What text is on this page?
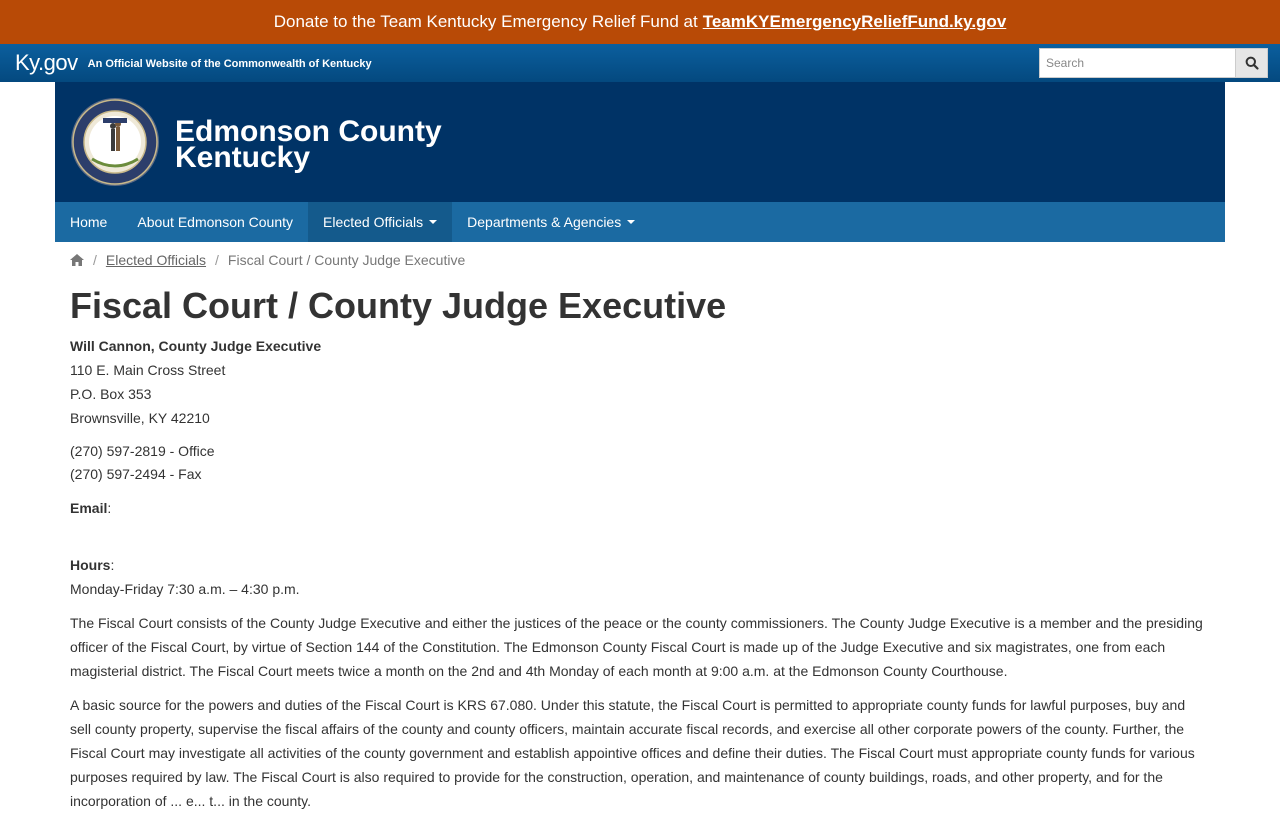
Donate to the Team Kentucky Emergency Relief Fund at TeamKYEmergencyReliefFund.ky.gov
Ky.gov An Official Website of the Commonwealth of Kentucky
Search
Edmonson County
Kentucky
Home About Edmonson County Elected Officials	Departments & Agencies
/ Elected Officials / Fiscal Court / County Judge Executive
Fiscal Court / County Judge Executive
Will Cannon, County Judge Executive
110 E. Main Cross Street
P.O. Box 353
Brownsville, KY 42210
(270) 597-2819 - Office
(270) 597-2494 - Fax
Email:
Hours:
Monday-Friday 7:30 a.m. – 4:30 p.m.

The Fiscal Court consists of the County Judge Executive and either the justices of the peace or the county commissioners. The County Judge Executive is a member and the presiding officer of the Fiscal Court, by virtue of Section 144 of the Constitution. The Edmonson County Fiscal Court is made up of the Judge Executive and six magistrates, one from each magisterial district. The Fiscal Court meets twice a month on the 2nd and 4th Monday of each month at 9:00 a.m. at the Edmonson County Courthouse.

A basic source for the powers and duties of the Fiscal Court is KRS 67.080. Under this statute, the Fiscal Court is permitted to appropriate county funds for lawful purposes, buy and sell county property, supervise the fiscal affairs of the county and county officers, maintain accurate fiscal records, and exercise all other corporate powers of the county. Further, the Fiscal Court may investigate all activities of the county government and establish appointive offices and define their duties. The Fiscal Court must appropriate county funds for various purposes required by law. The Fiscal Court is also required to provide for the construction, operation, and maintenance of county buildings, roads, and other property, and for the incorporation of ... e... t... in the county.
